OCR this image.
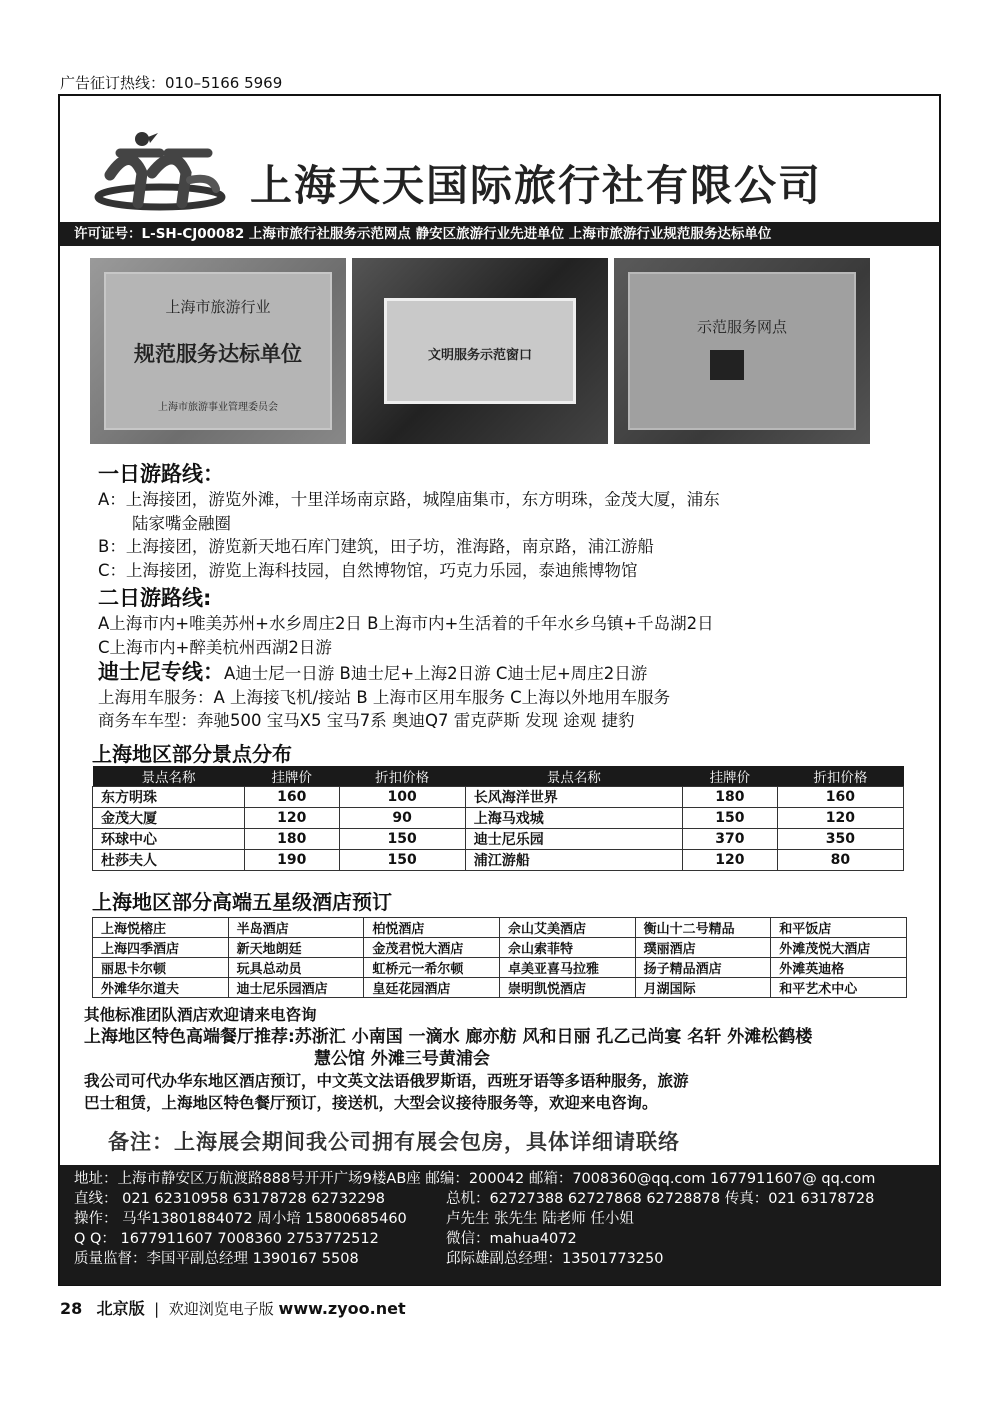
广告征订热线：010–5166 5969
上海天天国际旅行社有限公司
许可证号：L-SH-CJ00082 上海市旅行社服务示范网点 静安区旅游行业先进单位 上海市旅游行业规范服务达标单位
上海市旅游行业
规范服务达标单位
上海市旅游事业管理委员会
文明服务示范窗口
示范服务网点

一日游路线：

A：上海接团，游览外滩，十里洋场南京路，城隍庙集市，东方明珠，金茂大厦，浦东

陆家嘴金融圈

B：上海接团，游览新天地石库门建筑，田子坊，淮海路，南京路，浦江游船

C：上海接团，游览上海科技园，自然博物馆，巧克力乐园，泰迪熊博物馆

二日游路线:

A上海市内+唯美苏州+水乡周庄2日 B上海市内+生活着的千年水乡乌镇+千岛湖2日

C上海市内+醉美杭州西湖2日游

迪士尼专线：A迪士尼一日游 B迪士尼+上海2日游 C迪士尼+周庄2日游

上海用车服务：A 上海接飞机/接站 B 上海市区用车服务 C上海以外地用车服务

商务车车型：奔驰500 宝马X5 宝马7系 奥迪Q7 雷克萨斯 发现 途观 捷豹

上海地区部分景点分布
景点名称	挂牌价	折扣价格	景点名称	挂牌价	折扣价格
东方明珠	160	100	长风海洋世界	180	160
金茂大厦	120	90	上海马戏城	150	120
环球中心	180	150	迪士尼乐园	370	350
杜莎夫人	190	150	浦江游船	120	80
上海地区部分高端五星级酒店预订
上海悦榕庄	半岛酒店	柏悦酒店	佘山艾美酒店	衡山十二号精品	和平饭店
上海四季酒店	新天地朗廷	金茂君悦大酒店	佘山索菲特	璞丽酒店	外滩茂悦大酒店
丽思卡尔顿	玩具总动员	虹桥元一希尔顿	卓美亚喜马拉雅	扬子精品酒店	外滩英迪格
外滩华尔道夫	迪士尼乐园酒店	皇廷花园酒店	崇明凯悦酒店	月湖国际	和平艺术中心
其他标准团队酒店欢迎请来电咨询
上海地区特色高端餐厅推荐:苏浙汇 小南国 一滴水 廊亦舫 风和日丽 孔乙己尚宴 名轩 外滩松鹤楼
慧公馆 外滩三号黄浦会
我公司可代办华东地区酒店预订，中文英文法语俄罗斯语，西班牙语等多语种服务，旅游
巴士租赁，上海地区特色餐厅预订，接送机，大型会议接待服务等，欢迎来电咨询。
备注：上海展会期间我公司拥有展会包房，具体详细请联络
地址：上海市静安区万航渡路888号开开广场9楼AB座 邮编：200042 邮箱：7008360@qq.com 1677911607@ qq.com
直线： 021 62310958 63178728 62732298	总机：62727388 62727868 62728878 传真：021 63178728
操作： 马华13801884072 周小培 15800685460	卢先生 张先生 陆老师 任小姐
Q Q： 1677911607 7008360 2753772512	微信：mahua4072
质量监督：李国平副总经理 1390167 5508	邱际雄副总经理：13501773250
28 北京版  |  欢迎浏览电子版 www.zyoo.net
